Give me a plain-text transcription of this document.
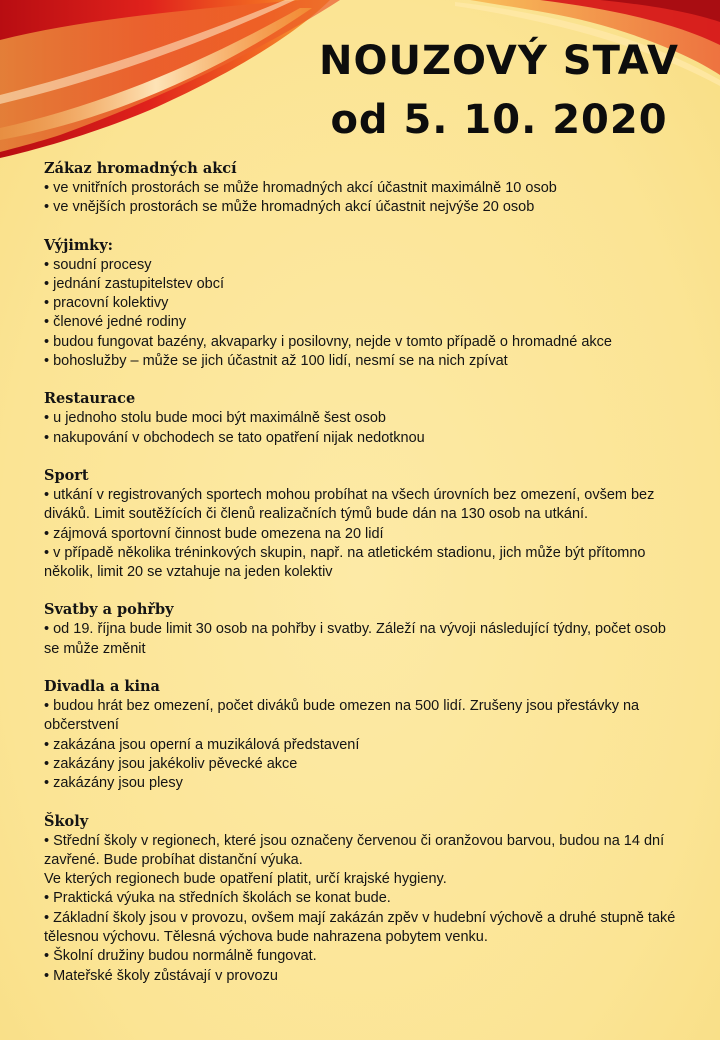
NOUZOVÝ STAV
od 5. 10. 2020
Zákaz hromadných akcí
• ve vnitřních prostorách se může hromadných akcí účastnit maximálně 10 osob
• ve vnějších prostorách se může hromadných akcí účastnit nejvýše 20 osob
Výjimky:
• soudní procesy
• jednání zastupitelstev obcí
• pracovní kolektivy
• členové jedné rodiny
• budou fungovat bazény, akvaparky i posilovny, nejde v tomto případě o hromadné akce
• bohoslužby – může se jich účastnit až 100 lidí, nesmí se na nich zpívat
Restaurace
• u jednoho stolu bude moci být maximálně šest osob
• nakupování v obchodech se tato opatření nijak nedotknou
Sport
• utkání v registrovaných sportech mohou probíhat na všech úrovních bez omezení, ovšem bez diváků. Limit soutěžících či členů realizačních týmů bude dán na 130 osob na utkání.
• zájmová sportovní činnost bude omezena na 20 lidí
• v případě několika tréninkových skupin, např. na atletickém stadionu, jich může být přítomno několik, limit 20 se vztahuje na jeden kolektiv
Svatby a pohřby
• od 19. října bude limit 30 osob na pohřby i svatby. Záleží na vývoji následující týdny, počet osob se může změnit
Divadla a kina
• budou hrát bez omezení, počet diváků bude omezen na 500 lidí. Zrušeny jsou přestávky na občerstvení
• zakázána jsou operní a muzikálová představení
• zakázány jsou jakékoliv pěvecké akce
• zakázány jsou plesy
Školy
• Střední školy v regionech, které jsou označeny červenou či oranžovou barvou, budou na 14 dní zavřené. Bude probíhat distanční výuka.
Ve kterých regionech bude opatření platit, určí krajské hygieny.
• Praktická výuka na středních školách se konat bude.
• Základní školy jsou v provozu, ovšem mají zakázán zpěv v hudební výchově a druhé stupně také tělesnou výchovu. Tělesná výchova bude nahrazena pobytem venku.
• Školní družiny budou normálně fungovat.
• Mateřské školy zůstávají v provozu
